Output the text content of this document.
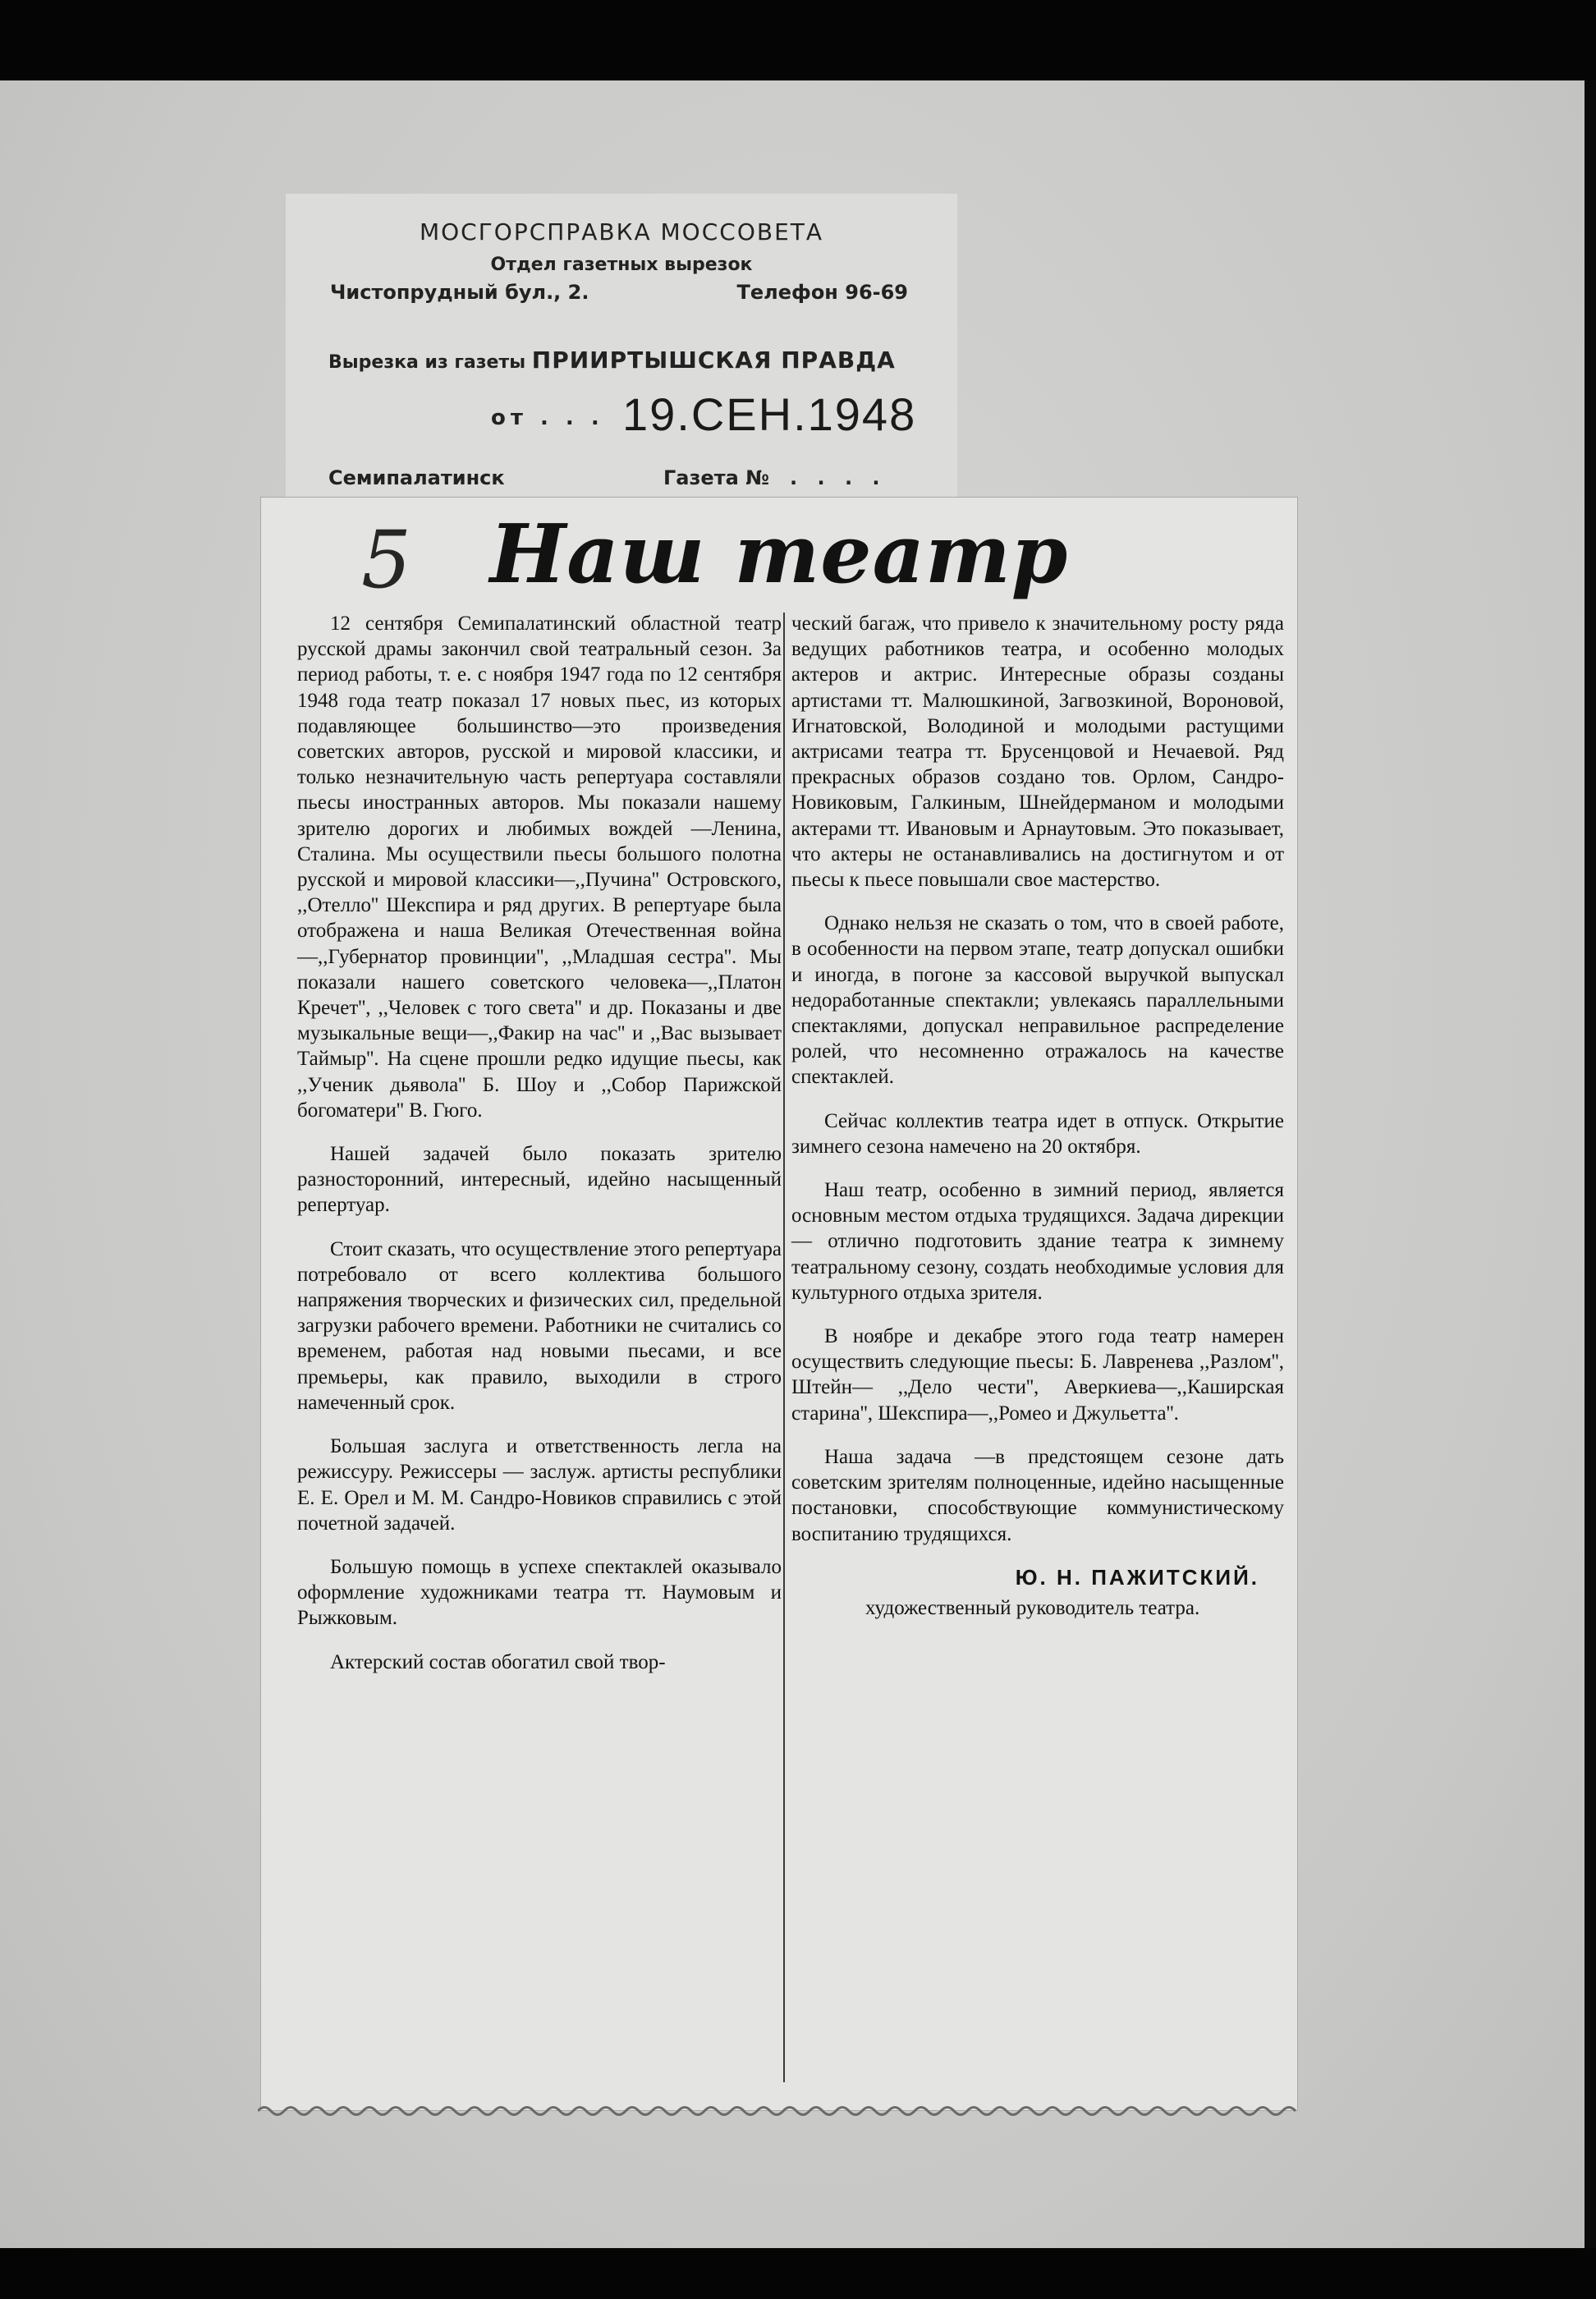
МОСГОРСПРАВКА МОССОВЕТА
Отдел газетных вырезок
Чистопрудный бул., 2.	Телефон 96-69
Вырезка из газеты ПРИИРТЫШСКАЯ ПРАВДА
от . . . 19.СЕН.1948
Семипалатинск	Газета № . . . .
5 Наш театр

12 сентября Семипалатинский областной театр русской драмы закончил свой театральный сезон. За период работы, т. е. с ноября 1947 года по 12 сентября 1948 года театр показал 17 новых пьес, из которых подавляющее большинство—это произведения советских авторов, русской и мировой классики, и только незначительную часть репертуара составляли пьесы иностранных авторов. Мы показали нашему зрителю дорогих и любимых вождей —Ленина, Сталина. Мы осуществили пьесы большого полотна русской и мировой классики—,,Пучина'' Островского, ,,Отелло'' Шекспира и ряд других. В репертуаре была отображена и наша Великая Отечественная война—,,Губернатор провинции'', ,,Младшая сестра''. Мы показали нашего советского человека—,,Платон Кречет'', ,,Человек с того света'' и др. Показаны и две музыкальные вещи—,,Факир на час'' и ,,Вас вызывает Таймыр''. На сцене прошли редко идущие пьесы, как ,,Ученик дьявола'' Б. Шоу и ,,Собор Парижской богоматери'' В. Гюго.

Нашей задачей было показать зрителю разносторонний, интересный, идейно насыщенный репертуар.

Стоит сказать, что осуществление этого репертуара потребовало от всего коллектива большого напряжения творческих и физических сил, предельной загрузки рабочего времени. Работники не считались со временем, работая над новыми пьесами, и все премьеры, как правило, выходили в строго намеченный срок.

Большая заслуга и ответственность легла на режиссуру. Режиссеры — заслуж. артисты республики Е. Е. Орел и М. М. Сандро-Новиков справились с этой почетной задачей.

Большую помощь в успехе спектаклей оказывало оформление художниками театра тт. Наумовым и Рыжковым.

Актерский состав обогатил свой твор-

ческий багаж, что привело к значительному росту ряда ведущих работников театра, и особенно молодых актеров и актрис. Интересные образы созданы артистами тт. Малюшкиной, Загвозкиной, Вороновой, Игнатовской, Володиной и молодыми растущими актрисами театра тт. Брусенцовой и Нечаевой. Ряд прекрасных образов создано тов. Орлом, Сандро-Новиковым, Галкиным, Шнейдерманом и молодыми актерами тт. Ивановым и Арнаутовым. Это показывает, что актеры не останавливались на достигнутом и от пьесы к пьесе повышали свое мастерство.

Однако нельзя не сказать о том, что в своей работе, в особенности на первом этапе, театр допускал ошибки и иногда, в погоне за кассовой выручкой выпускал недоработанные спектакли; увлекаясь параллельными спектаклями, допускал неправильное распределение ролей, что несомненно отражалось на качестве спектаклей.

Сейчас коллектив театра идет в отпуск. Открытие зимнего сезона намечено на 20 октября.

Наш театр, особенно в зимний период, является основным местом отдыха трудящихся. Задача дирекции — отлично подготовить здание театра к зимнему театральному сезону, создать необходимые условия для культурного отдыха зрителя.

В ноябре и декабре этого года театр намерен осуществить следующие пьесы: Б. Лавренева ,,Разлом'', Штейн— ,,Дело чести'', Аверкиева—,,Каширская старина'', Шекспира—,,Ромео и Джульетта''.

Наша задача —в предстоящем сезоне дать советским зрителям полноценные, идейно насыщенные постановки, способствующие коммунистическому воспитанию трудящихся.

Ю. Н. ПАЖИТСКИЙ.

художественный руководитель театра.
